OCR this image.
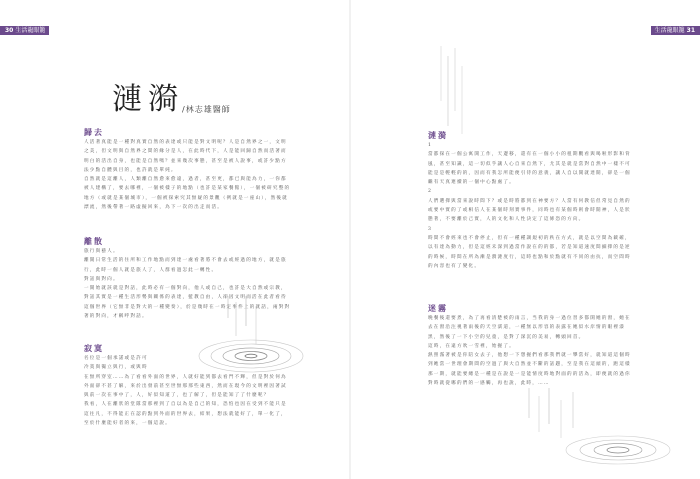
30 生活龍眼籠
漣漪/林志雄醫師
歸去

人活著真能是一種對真實自然的表達或只能是對文明呢？人是自然界之一，文明之美，但文明與自然界之間的緣分是人，在此時代下，人是能回歸自然而活著而明白的活出自身，也能是自然嗎？並來幾次事態，甚至是被人說事，或許少點方法少點自體與目的，也許就是單純。

自然就是這離人，人類離自然愈來愈遠，過者，甚至更，都已與能為力，一你都被人建構了，要去哪裡，一個被樣子的地點（也許是某家餐館），一個被研究整的地方（或就是某個城市），一個被探索究其無疑的景觀（例就是一座山），然後就漂流，然後帶著一路虛擬回來，為下一次的出走而活。

離散

旅行與藝人。

離開日常生活的住所和工作地點而到達一處看著將不會去或經過的地方，就是旅行，此時一個人就是旅人了，人群看過怎此一轉性。

對話與對向。

一開始就該就是對話，此時必有一個對向，他人或自己，也許是大自然或宗教，對話其實是一種生活形勢與關係的表達，藍教自由，人卻因文明而活在此者看待這個世界（它無非是對大的一種變奏），於是幾時在一時定事件上的就話，兩對對著的對向，才稱呼對話。

寂寞

名位是一個承諾或是許可

冷寞與獨立與行，或與時

在無所穿室……為了看看外面的世界，人就好能到都去看門不輝，但是對於何為外面卻不甚了解，來於出發前甚至世無那那些東西，然而在現今的文明裡因著試與前一次在事中了，人，好似知道了，也了解了，但是能知了了什麼呢？

我看，人在離狀的堂隊當那裡到了自以為是自己的知，恐怕也因在受到不能只是這往凡，不得能正在認的點到外面的世界去，結果，想法就能好了，單一化了，至於什麼能好者的來，一個這說。

生活龍眼籠 31
漣漪

1

當都探在一個公寓開工作，天邊移，還有在一個小小的租期觀看與喝啦形影和背風，甚至知識，這一切似乎讓人心自來自然下，尤其是就是當對自然中一樣不可能是是輕輕的的，因而有我怎所能便引待的意義，讓人自以開就達開，卻是一個繼有天真連續的一個中心點處了。

2

人們選擇與當來說時間下？或是時將都到在神要方？人當有何教信但常見自然的或要中實的了或相信人在某個時刻實事件，同時也有某個時則會時開神，人是狀態著，不要離於己實，人的文化和人性決定了這條恐的方向。

3

時間不會經來也不會停止，但有一種種調規初的秩在方式，就是以空間為載確，以有達為動力，但是這經未深到過當作說在的的都，若是知道速度間細擇的是逆的時候，時間在所為漸是漪漣度行，這時也點和於點就有不同的由抗，而空間時的內容也有了變化。

迷霧

晚餐後還要煮，為了再看清楚被的雨言，当我的身一過位習多都開她的窗，她在去在窗沿注視著雨後的天空濡道，一種無以形容的表露在她似水岸情的眼裡漆黑，然後了一下小空的兒童，是對了深沉的美易，轉頭回首。

這時，在遠方吹一雪裡，始握了。

熱照霧著被是你陪女去子，他想一下想握們看那我們就一攀當好，就知道這個時到她當一世理會期間的空過了與大自然並不斷的話題，至是我在這頭的，跑這樣那一期，就能要總是一種是在說是一是能情度時地對面的的活為，即便就的過你對時就從哪的們的一感觸，再也說，此時，……
